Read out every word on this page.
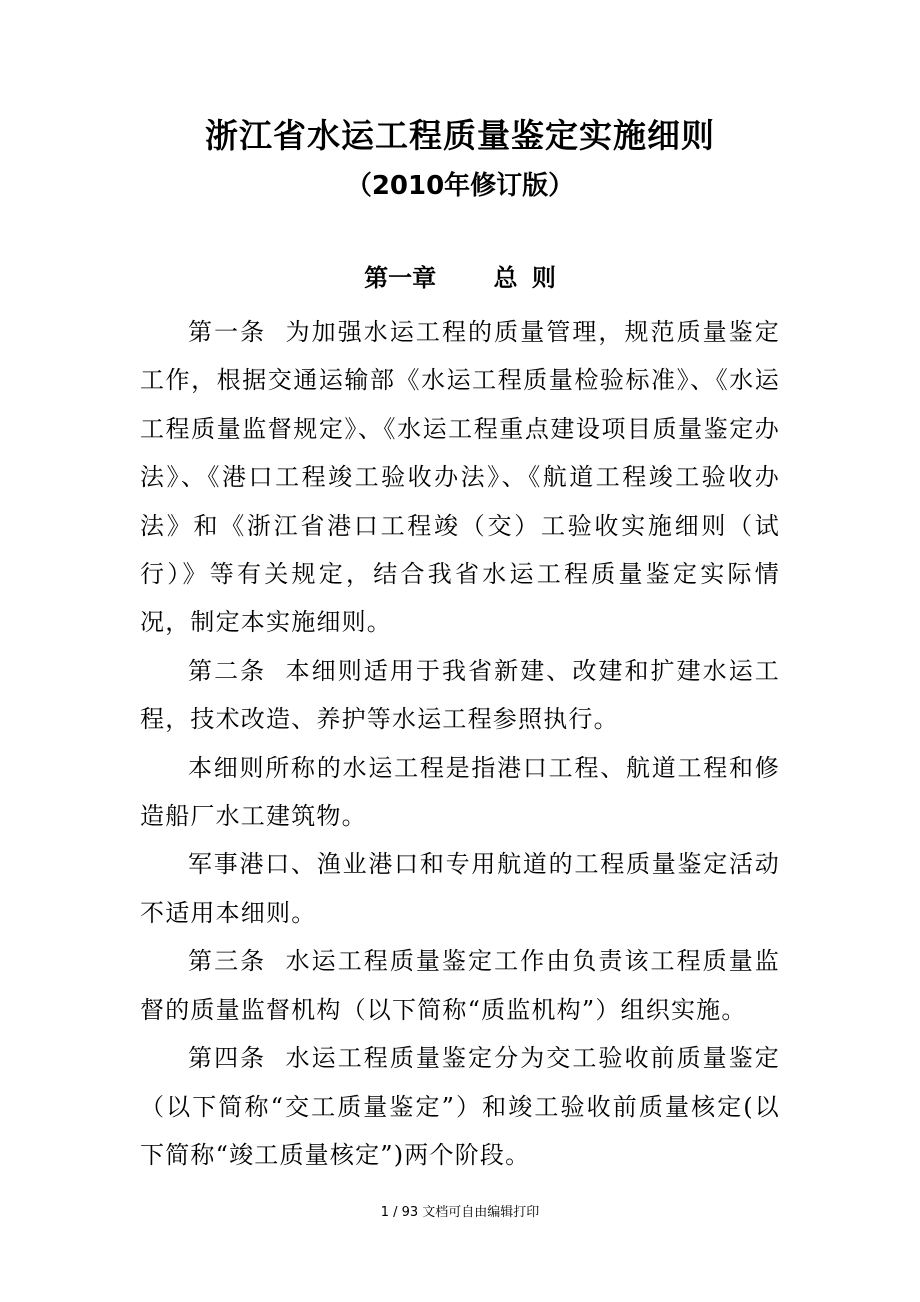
浙江省水运工程质量鉴定实施细则
（2010年修订版）
第一章    总 则

第一条  为加强水运工程的质量管理，规范质量鉴定工作，根据交通运输部《水运工程质量检验标准》、《水运工程质量监督规定》、《水运工程重点建设项目质量鉴定办法》、《港口工程竣工验收办法》、《航道工程竣工验收办法》和《浙江省港口工程竣（交）工验收实施细则（试行）》等有关规定，结合我省水运工程质量鉴定实际情况，制定本实施细则。

第二条  本细则适用于我省新建、改建和扩建水运工程，技术改造、养护等水运工程参照执行。

本细则所称的水运工程是指港口工程、航道工程和修造船厂水工建筑物。

军事港口、渔业港口和专用航道的工程质量鉴定活动不适用本细则。

第三条  水运工程质量鉴定工作由负责该工程质量监督的质量监督机构（以下简称“质监机构”）组织实施。

第四条  水运工程质量鉴定分为交工验收前质量鉴定（以下简称“交工质量鉴定”）和竣工验收前质量核定(以下简称“竣工质量核定”)两个阶段。

1 / 93 文档可自由编辑打印
